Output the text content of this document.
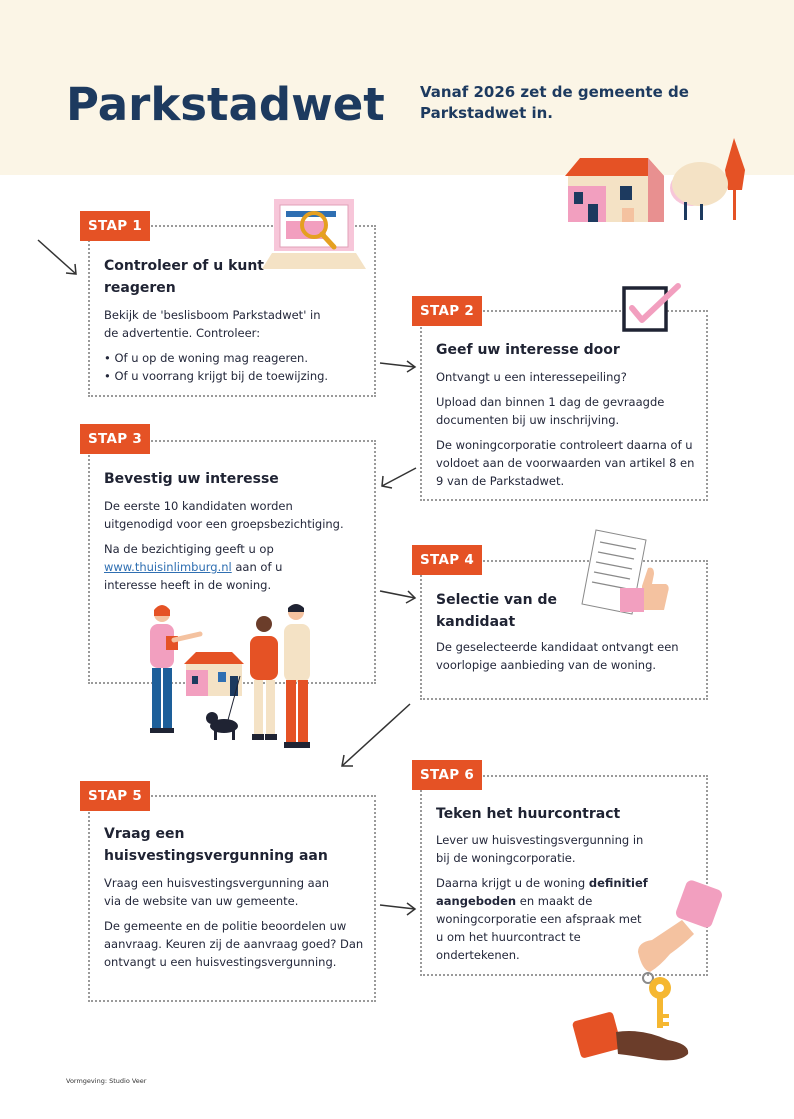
Parkstadwet Vanaf 2026 zet de gemeente de Parkstadwet in.
STAP 1
Controleer of u kunt reageren

Bekijk de 'beslisboom Parkstadwet' in de advertentie. Controleer:

• Of u op de woning mag reageren.
• Of u voorrang krijgt bij de toewijzing.
STAP 2
Geef uw interesse door

Ontvangt u een interessepeiling?

Upload dan binnen 1 dag de gevraagde documenten bij uw inschrijving.

De woningcorporatie controleert daarna of u voldoet aan de voorwaarden van artikel 8 en 9 van de Parkstadwet.

STAP 3
Bevestig uw interesse

De eerste 10 kandidaten worden uitgenodigd voor een groepsbezichtiging.

Na de bezichtiging geeft u op www.thuisinlimburg.nl aan of u interesse heeft in de woning.

STAP 4
Selectie van de kandidaat

De geselecteerde kandidaat ontvangt een voorlopige aanbieding van de woning.

STAP 5
Vraag een huisvestingsvergunning aan

Vraag een huisvestingsvergunning aan via de website van uw gemeente.

De gemeente en de politie beoordelen uw aanvraag. Keuren zij de aanvraag goed? Dan ontvangt u een huisvestingsvergunning.

STAP 6
Teken het huurcontract

Lever uw huisvestingsvergunning in bij de woningcorporatie.

Daarna krijgt u de woning definitief aangeboden en maakt de woningcorporatie een afspraak met u om het huurcontract te ondertekenen.

Vormgeving: Studio Veer
